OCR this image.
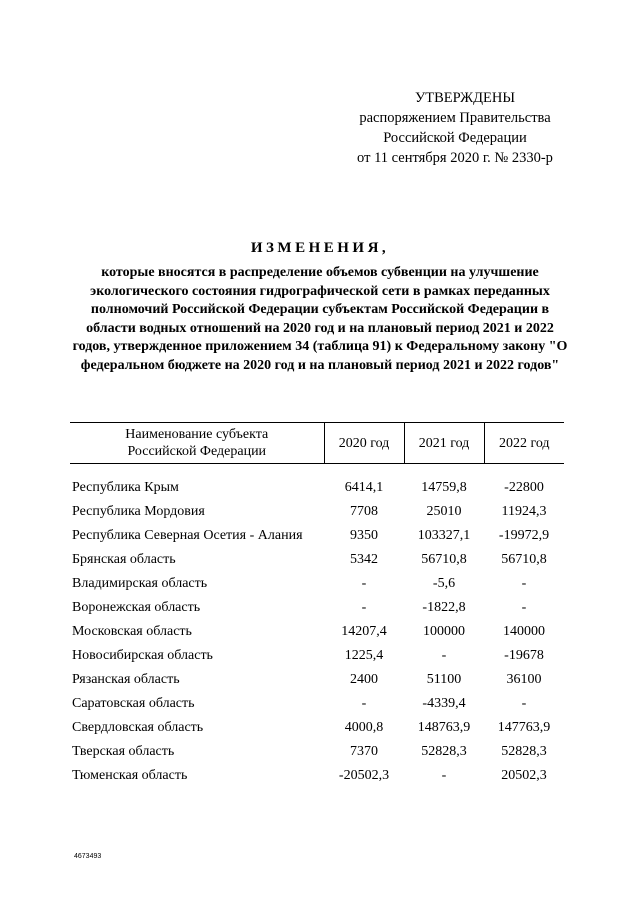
УТВЕРЖДЕНЫ
распоряжением Правительства
Российской Федерации
от 11 сентября 2020 г. № 2330-р
ИЗМЕНЕНИЯ,
которые вносятся в распределение объемов субвенции на улучшение экологического состояния гидрографической сети в рамках переданных полномочий Российской Федерации субъектам Российской Федерации в области водных отношений на 2020 год и на плановый период 2021 и 2022 годов, утвержденное приложением 34 (таблица 91) к Федеральному закону "О федеральном бюджете на 2020 год и на плановый период 2021 и 2022 годов"
Наименование субъекта
Российской Федерации	2020 год	2021 год	2022 год

Республика Крым	6414,1	14759,8	-22800
Республика Мордовия	7708	25010	11924,3
Республика Северная Осетия - Алания	9350	103327,1	-19972,9
Брянская область	5342	56710,8	56710,8
Владимирская область	-	-5,6	-
Воронежская область	-	-1822,8	-
Московская область	14207,4	100000	140000
Новосибирская область	1225,4	-	-19678
Рязанская область	2400	51100	36100
Саратовская область	-	-4339,4	-
Свердловская область	4000,8	148763,9	147763,9
Тверская область	7370	52828,3	52828,3
Тюменская область	-20502,3	-	20502,3
4673493
